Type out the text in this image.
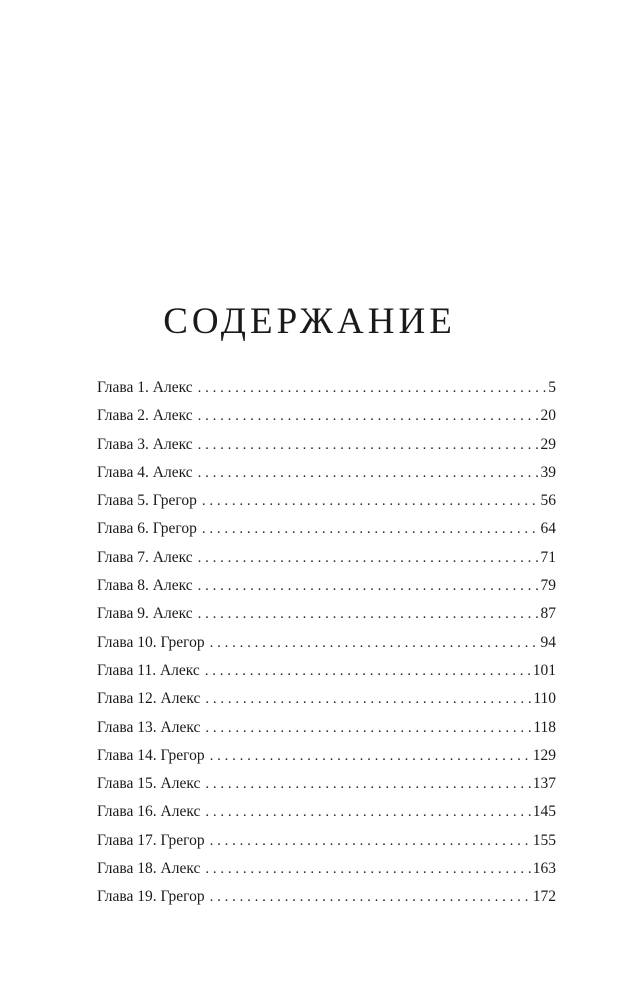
СОДЕРЖАНИЕ
Глава 1. Алекс . . .	5
Глава 2. Алекс . . .	20
Глава 3. Алекс . . .	29
Глава 4. Алекс . . .	39
Глава 5. Грегор . . .	56
Глава 6. Грегор . . .	64
Глава 7. Алекс . . .	71
Глава 8. Алекс . . .	79
Глава 9. Алекс . . .	87
Глава 10. Грегор . . .	94
Глава 11. Алекс . . .	101
Глава 12. Алекс . . .	110
Глава 13. Алекс . . .	118
Глава 14. Грегор . . .	129
Глава 15. Алекс . . .	137
Глава 16. Алекс . . .	145
Глава 17. Грегор . . .	155
Глава 18. Алекс . . .	163
Глава 19. Грегор . . .	172
